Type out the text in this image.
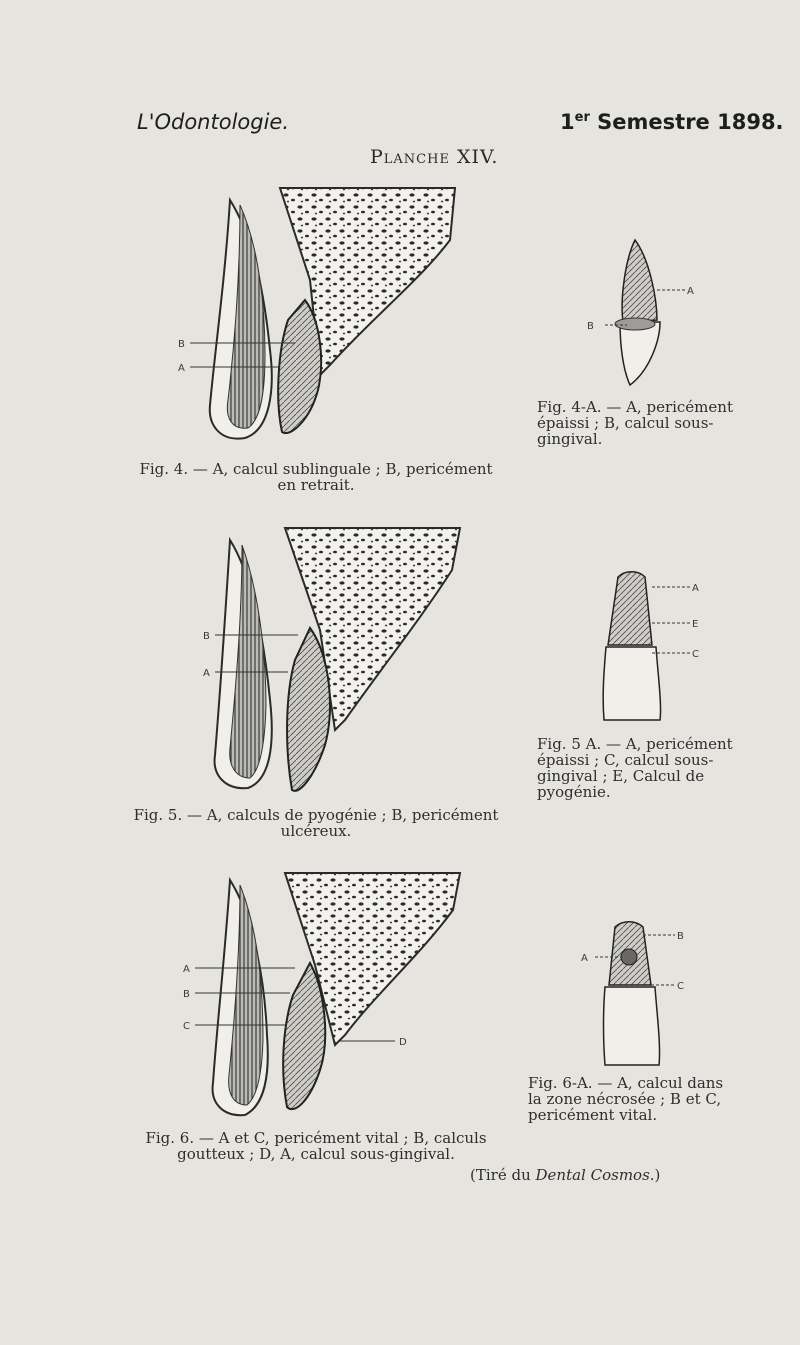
L'Odontologie.	1er Semestre 1898.
Planche XIV.
B
A
Fig. 4. — A, calcul sublinguale ; B, pericément
en retrait.
A
B
Fig. 4-A. — A, pericément
épaissi ; B, calcul sous-
gingival.
B
A
Fig. 5. — A, calculs de pyogénie ; B, pericément
ulcéreux.
A
E
C
Fig. 5 A. — A, pericément
épaissi ; C, calcul sous-
gingival ; E, Calcul de
pyogénie.
A
B
C
D
Fig. 6. — A et C, pericément vital ; B, calculs
goutteux ; D, A, calcul sous-gingival.
B
A
C
Fig. 6-A. — A, calcul dans
la zone nécrosée ; B et C,
pericément vital.
(Tiré du Dental Cosmos.)
